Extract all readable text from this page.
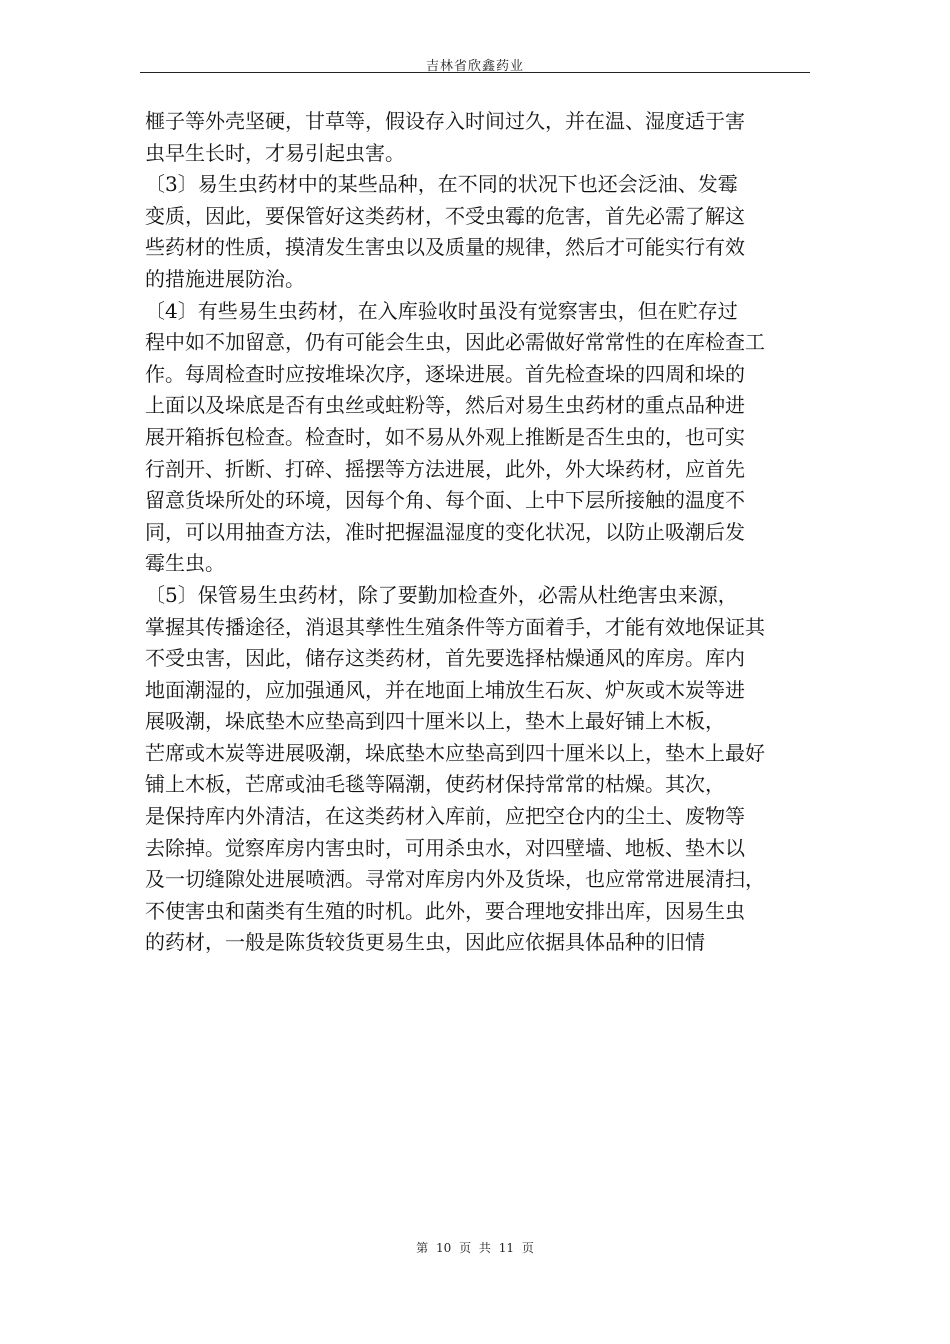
吉林省欣鑫药业
榧子等外壳坚硬，甘草等，假设存入时间过久，并在温、湿度适于害
虫早生长时，才易引起虫害。
〔3〕易生虫药材中的某些品种，在不同的状况下也还会泛油、发霉
变质，因此，要保管好这类药材，不受虫霉的危害，首先必需了解这
些药材的性质，摸清发生害虫以及质量的规律，然后才可能实行有效
的措施进展防治。
〔4〕有些易生虫药材，在入库验收时虽没有觉察害虫，但在贮存过
程中如不加留意，仍有可能会生虫，因此必需做好常常性的在库检查工
作。每周检查时应按堆垛次序，逐垛进展。首先检查垛的四周和垛的
上面以及垛底是否有虫丝或蛀粉等，然后对易生虫药材的重点品种进
展开箱拆包检查。检查时，如不易从外观上推断是否生虫的，也可实
行剖开、折断、打碎、摇摆等方法进展，此外，外大垛药材，应首先
留意货垛所处的环境，因每个角、每个面、上中下层所接触的温度不
同，可以用抽查方法，准时把握温湿度的变化状况，以防止吸潮后发
霉生虫。
〔5〕保管易生虫药材，除了要勤加检查外，必需从杜绝害虫来源，
掌握其传播途径，消退其孳性生殖条件等方面着手，才能有效地保证其
不受虫害，因此，储存这类药材，首先要选择枯燥通风的库房。库内
地面潮湿的，应加强通风，并在地面上埔放生石灰、炉灰或木炭等进
展吸潮，垛底垫木应垫高到四十厘米以上，垫木上最好铺上木板，
芒席或木炭等进展吸潮，垛底垫木应垫高到四十厘米以上，垫木上最好
铺上木板，芒席或油毛毯等隔潮，使药材保持常常的枯燥。其次，
是保持库内外清洁，在这类药材入库前，应把空仓内的尘土、废物等
去除掉。觉察库房内害虫时，可用杀虫水，对四壁墙、地板、垫木以
及一切缝隙处进展喷洒。寻常对库房内外及货垛，也应常常进展清扫，
不使害虫和菌类有生殖的时机。此外，要合理地安排出库，因易生虫
的药材，一般是陈货较货更易生虫，因此应依据具体品种的旧情
第 10 页 共 11 页
